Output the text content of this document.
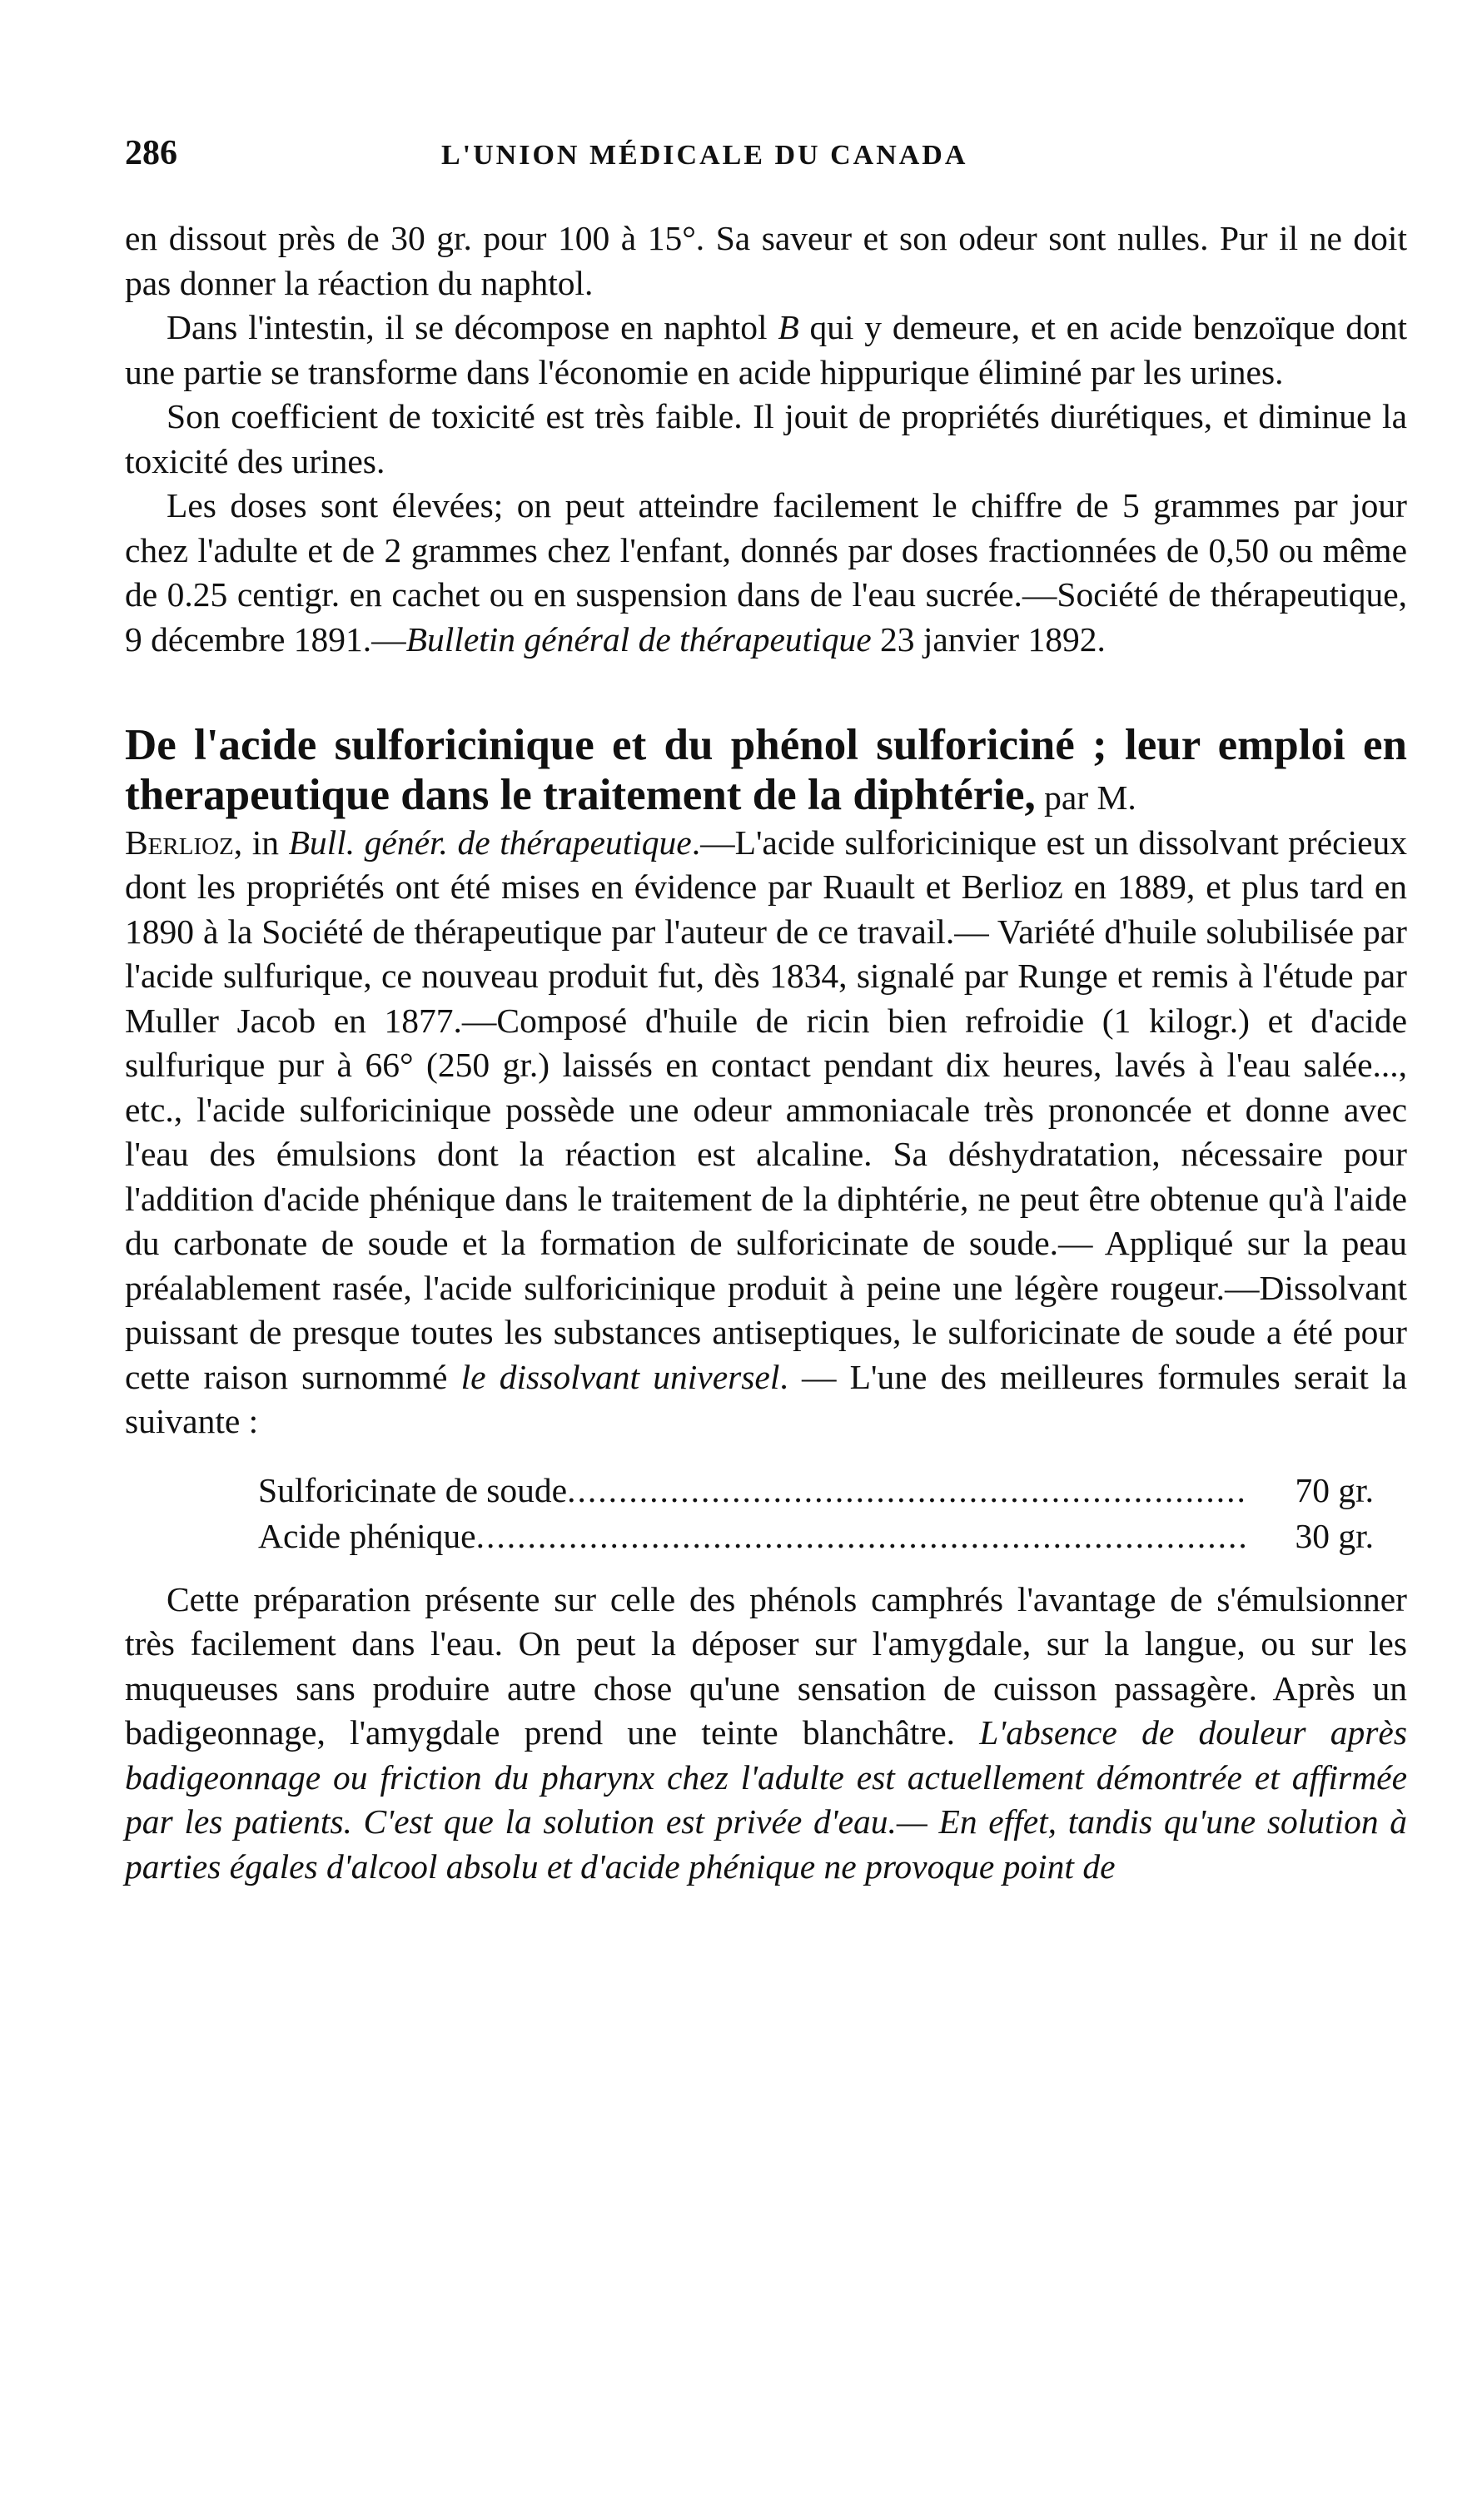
286	L'UNION MÉDICALE DU CANADA

en dissout près de 30 gr. pour 100 à 15°. Sa saveur et son odeur sont nulles. Pur il ne doit pas donner la réaction du naphtol.

Dans l'intestin, il se décompose en naphtol B qui y demeure, et en acide benzoïque dont une partie se transforme dans l'économie en acide hippurique éliminé par les urines.

Son coefficient de toxicité est très faible. Il jouit de propriétés diurétiques, et diminue la toxicité des urines.

Les doses sont élevées; on peut atteindre facilement le chiffre de 5 grammes par jour chez l'adulte et de 2 grammes chez l'enfant, donnés par doses fractionnées de 0,50 ou même de 0.25 centigr. en cachet ou en suspension dans de l'eau sucrée.—Société de thérapeutique, 9 décembre 1891.—Bulletin général de thérapeutique 23 janvier 1892.

De l'acide sulforicinique et du phénol sulforiciné ; leur emploi en therapeutique dans le traitement de la diphtérie, par M.

Berlioz, in Bull. génér. de thérapeutique.—L'acide sulforicinique est un dissolvant précieux dont les propriétés ont été mises en évidence par Ruault et Berlioz en 1889, et plus tard en 1890 à la Société de thérapeutique par l'auteur de ce travail.— Variété d'huile solubilisée par l'acide sulfurique, ce nouveau produit fut, dès 1834, signalé par Runge et remis à l'étude par Muller Jacob en 1877.—Composé d'huile de ricin bien refroidie (1 kilogr.) et d'acide sulfurique pur à 66° (250 gr.) laissés en contact pendant dix heures, lavés à l'eau salée..., etc., l'acide sulforicinique possède une odeur ammoniacale très prononcée et donne avec l'eau des émulsions dont la réaction est alcaline. Sa déshydratation, nécessaire pour l'addition d'acide phénique dans le traitement de la diphtérie, ne peut être obtenue qu'à l'aide du carbonate de soude et la formation de sulforicinate de soude.— Appliqué sur la peau préalablement rasée, l'acide sulforicinique produit à peine une légère rougeur.—Dissolvant puissant de presque toutes les substances antiseptiques, le sulforicinate de soude a été pour cette raison surnommé le dissolvant universel. — L'une des meilleures formules serait la suivante :

Sulforicinate de soude .....	70 gr.
Acide phénique .....	30 gr.

Cette préparation présente sur celle des phénols camphrés l'avantage de s'émulsionner très facilement dans l'eau. On peut la déposer sur l'amygdale, sur la langue, ou sur les muqueuses sans produire autre chose qu'une sensation de cuisson passagère. Après un badigeonnage, l'amygdale prend une teinte blanchâtre. L'absence de douleur après badigeonnage ou friction du pharynx chez l'adulte est actuellement démontrée et affirmée par les patients. C'est que la solution est privée d'eau.— En effet, tandis qu'une solution à parties égales d'alcool absolu et d'acide phénique ne provoque point de
